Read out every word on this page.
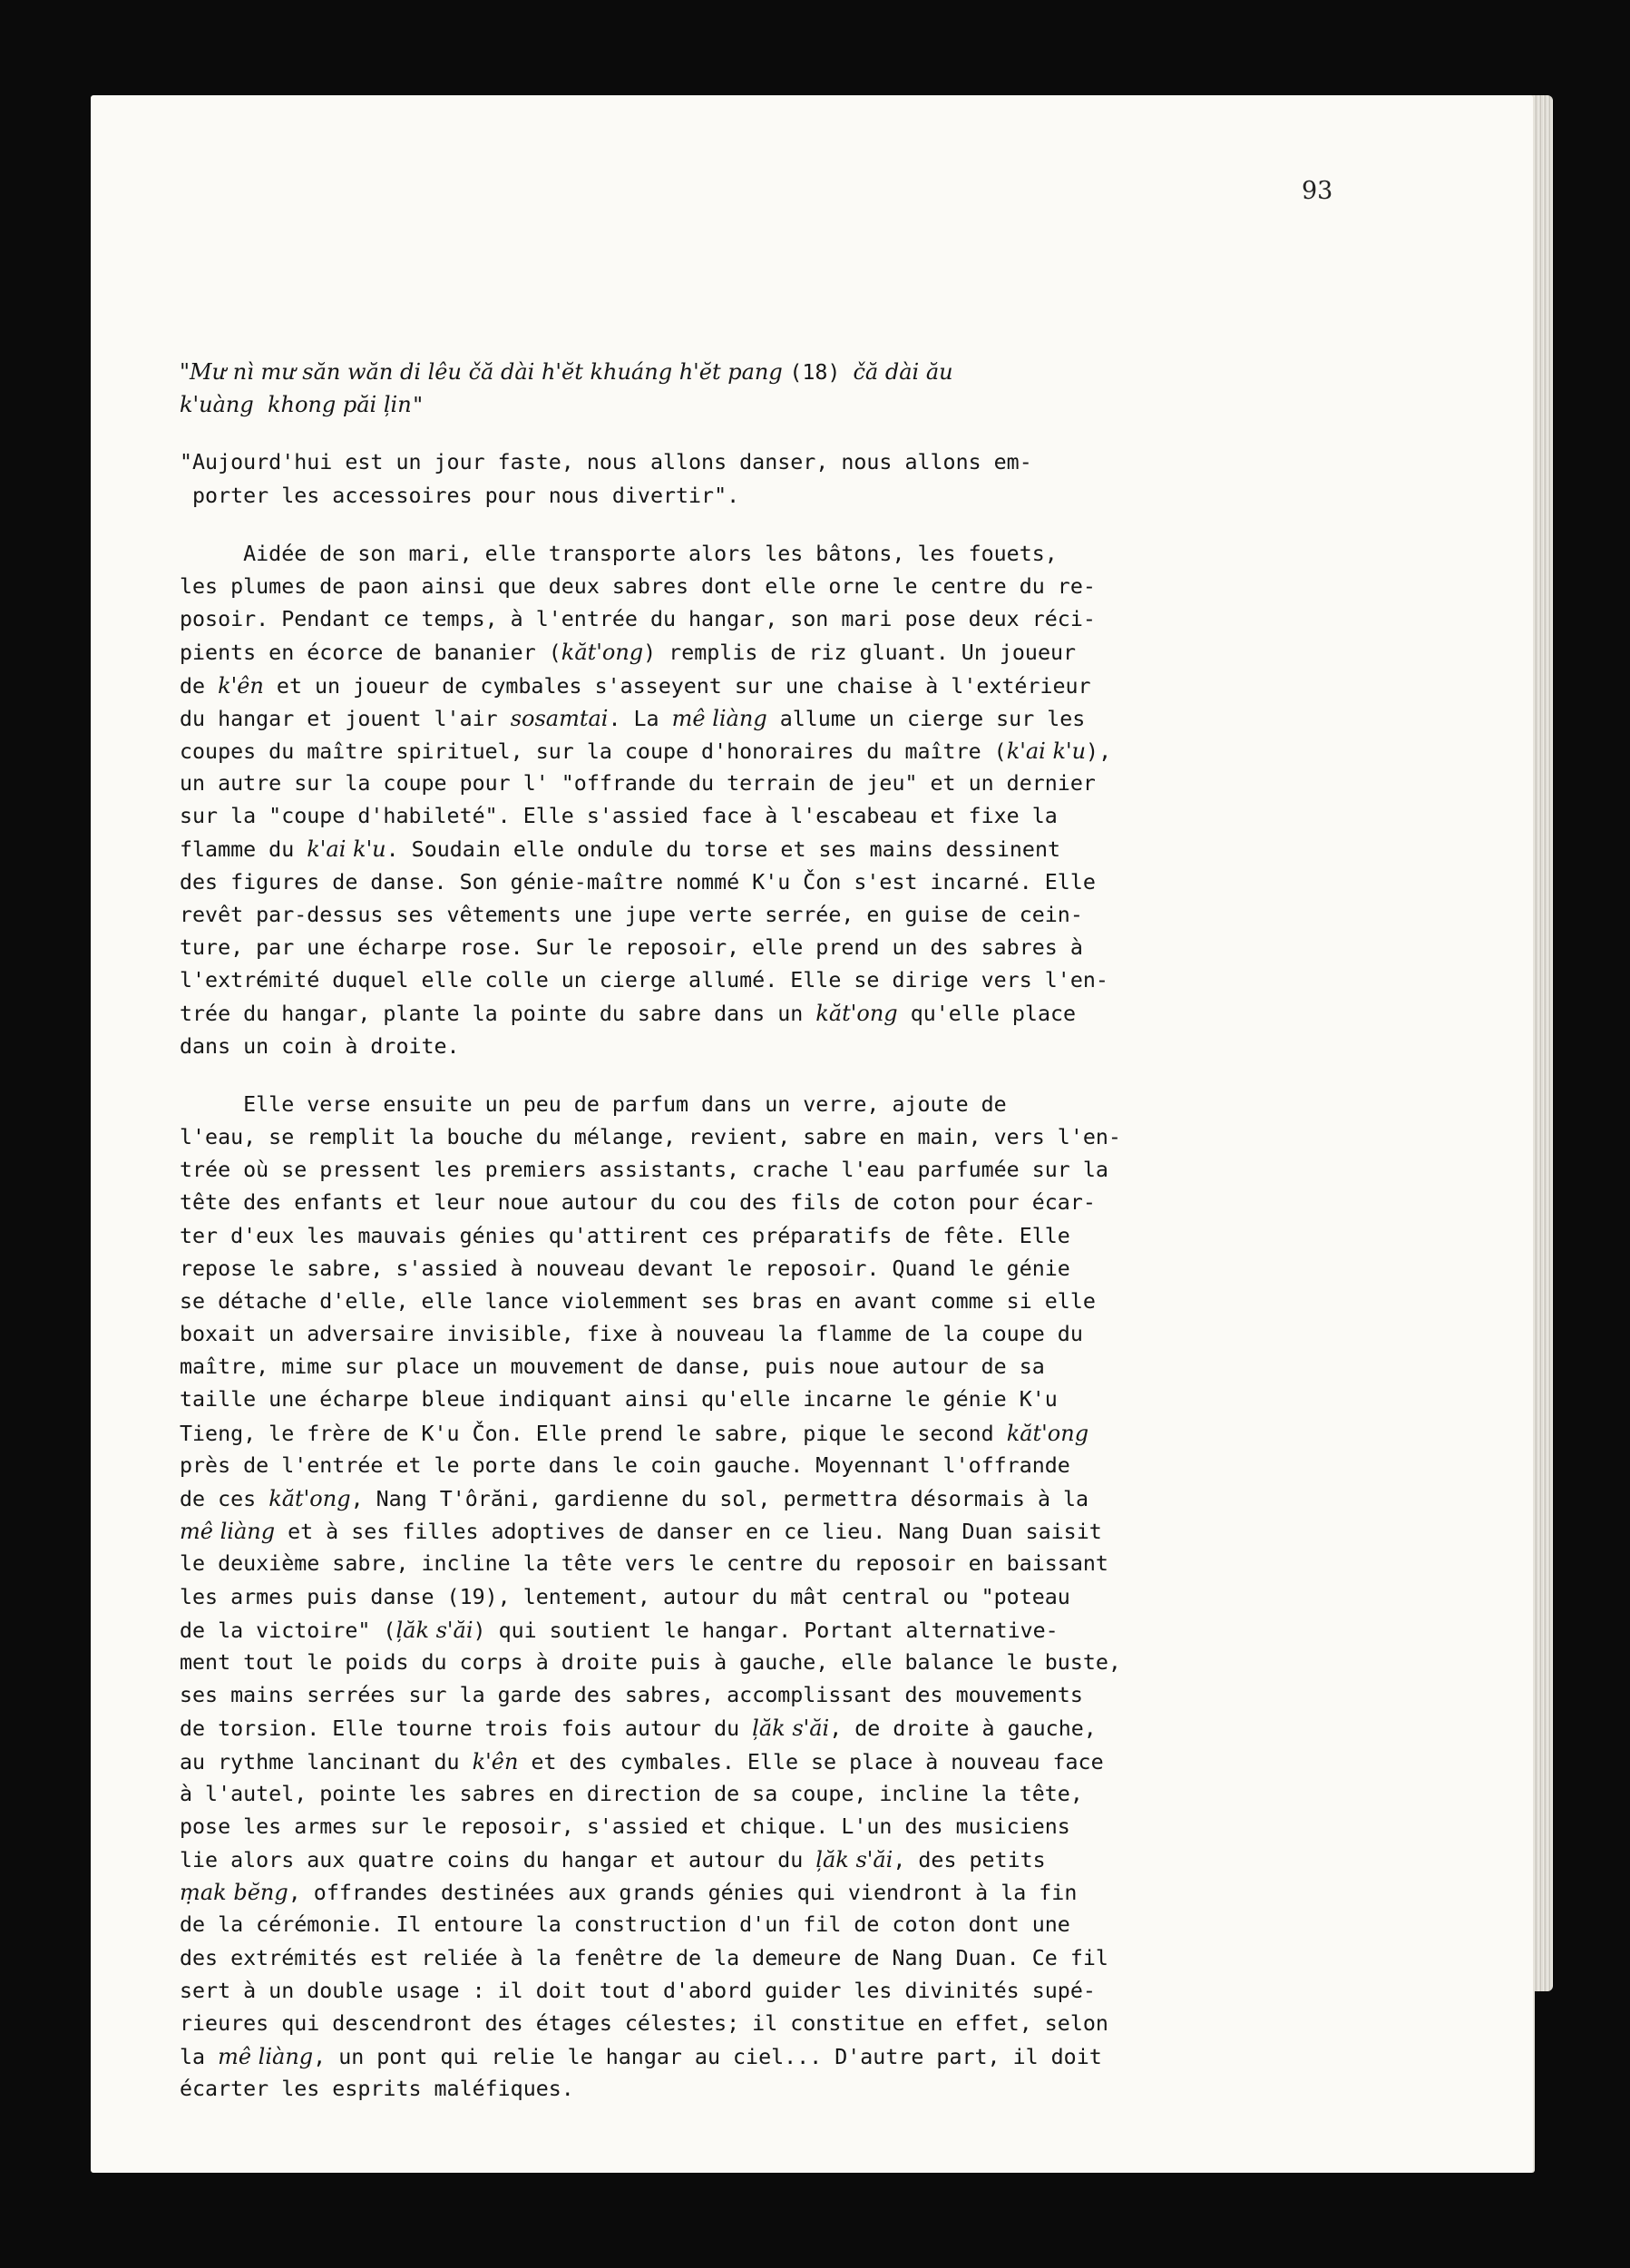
93
"Mư nì mư săn wăn di lêu čă dài h'ĕt khuáng h'ĕt pang (18) čă dài ău
k'uàng  khong păi ļin"
"Aujourd'hui est un jour faste, nous allons danser, nous allons em-
porter les accessoires pour nous divertir".
Aidée de son mari, elle transporte alors les bâtons, les fouets,
les plumes de paon ainsi que deux sabres dont elle orne le centre du re-
posoir. Pendant ce temps, à l'entrée du hangar, son mari pose deux réci-
pients en écorce de bananier (kăt'ong) remplis de riz gluant. Un joueur
de k'ên et un joueur de cymbales s'asseyent sur une chaise à l'extérieur
du hangar et jouent l'air sosamtai. La mê liàng allume un cierge sur les
coupes du maître spirituel, sur la coupe d'honoraires du maître (k'ai k'u),
un autre sur la coupe pour l' "offrande du terrain de jeu" et un dernier
sur la "coupe d'habileté". Elle s'assied face à l'escabeau et fixe la
flamme du k'ai k'u. Soudain elle ondule du torse et ses mains dessinent
des figures de danse. Son génie-maître nommé K'u Čon s'est incarné. Elle
revêt par-dessus ses vêtements une jupe verte serrée, en guise de cein-
ture, par une écharpe rose. Sur le reposoir, elle prend un des sabres à
l'extrémité duquel elle colle un cierge allumé. Elle se dirige vers l'en-
trée du hangar, plante la pointe du sabre dans un kăt'ong qu'elle place
dans un coin à droite.
Elle verse ensuite un peu de parfum dans un verre, ajoute de
l'eau, se remplit la bouche du mélange, revient, sabre en main, vers l'en-
trée où se pressent les premiers assistants, crache l'eau parfumée sur la
tête des enfants et leur noue autour du cou des fils de coton pour écar-
ter d'eux les mauvais génies qu'attirent ces préparatifs de fête. Elle
repose le sabre, s'assied à nouveau devant le reposoir. Quand le génie
se détache d'elle, elle lance violemment ses bras en avant comme si elle
boxait un adversaire invisible, fixe à nouveau la flamme de la coupe du
maître, mime sur place un mouvement de danse, puis noue autour de sa
taille une écharpe bleue indiquant ainsi qu'elle incarne le génie K'u
Tieng, le frère de K'u Čon. Elle prend le sabre, pique le second kăt'ong
près de l'entrée et le porte dans le coin gauche. Moyennant l'offrande
de ces kăt'ong, Nang T'ôrăni, gardienne du sol, permettra désormais à la
mê liàng et à ses filles adoptives de danser en ce lieu. Nang Duan saisit
le deuxième sabre, incline la tête vers le centre du reposoir en baissant
les armes puis danse (19), lentement, autour du mât central ou "poteau
de la victoire" (ļăk s'ăi) qui soutient le hangar. Portant alternative-
ment tout le poids du corps à droite puis à gauche, elle balance le buste,
ses mains serrées sur la garde des sabres, accomplissant des mouvements
de torsion. Elle tourne trois fois autour du ļăk s'ăi, de droite à gauche,
au rythme lancinant du k'ên et des cymbales. Elle se place à nouveau face
à l'autel, pointe les sabres en direction de sa coupe, incline la tête,
pose les armes sur le reposoir, s'assied et chique. L'un des musiciens
lie alors aux quatre coins du hangar et autour du ļăk s'ăi, des petits
ṃak bĕng, offrandes destinées aux grands génies qui viendront à la fin
de la cérémonie. Il entoure la construction d'un fil de coton dont une
des extrémités est reliée à la fenêtre de la demeure de Nang Duan. Ce fil
sert à un double usage : il doit tout d'abord guider les divinités supé-
rieures qui descendront des étages célestes; il constitue en effet, selon
la mê liàng, un pont qui relie le hangar au ciel... D'autre part, il doit
écarter les esprits maléfiques.
